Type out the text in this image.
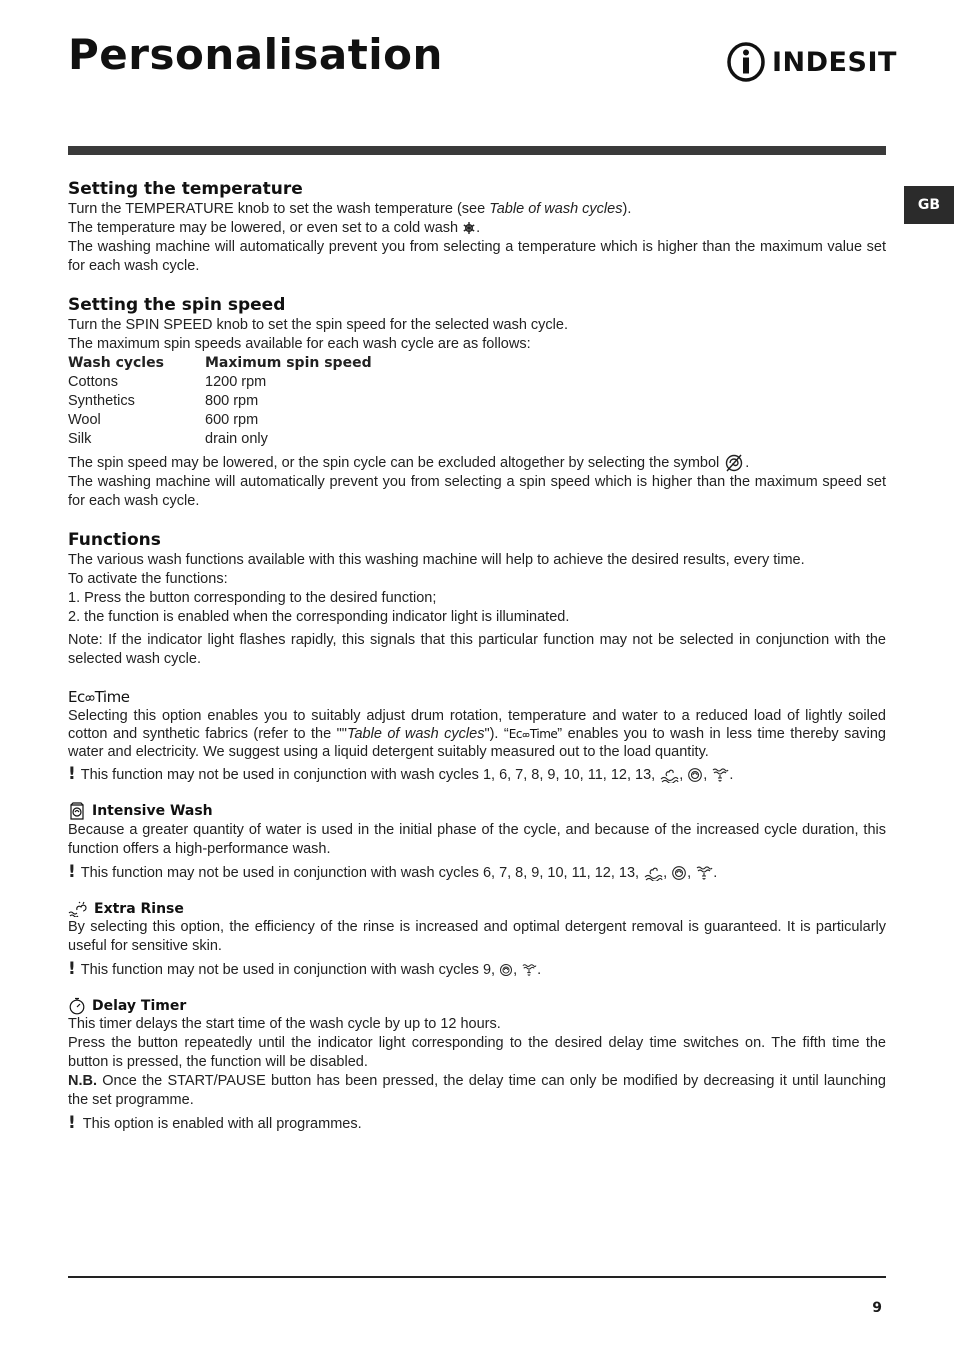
Personalisation	INDESIT
GB
Setting the temperature

Turn the TEMPERATURE knob to set the wash temperature (see Table of wash cycles).

The temperature may be lowered, or even set to a cold wash .

The washing machine will automatically prevent you from selecting a temperature which is higher than the maximum value set for each wash cycle.

Setting the spin speed

Turn the SPIN SPEED knob to set the spin speed for the selected wash cycle.

The maximum spin speeds available for each wash cycle are as follows:

Wash cycles	Maximum spin speed
Cottons	1200 rpm
Synthetics	800 rpm
Wool	600 rpm
Silk	drain only

The spin speed may be lowered, or the spin cycle can be excluded altogether by selecting the symbol .

The washing machine will automatically prevent you from selecting a spin speed which is higher than the maximum speed set for each wash cycle.

Functions

The various wash functions available with this washing machine will help to achieve the desired results, every time.

To activate the functions:

1. Press the button corresponding to the desired function;

2. the function is enabled when the corresponding indicator light is illuminated.

Note: If the indicator light flashes rapidly, this signals that this particular function may not be selected in conjunction with the selected wash cycle.

Ec Time

Selecting this option enables you to suitably adjust drum rotation, temperature and water to a reduced load of lightly soiled cotton and synthetic fabrics (refer to the ""Table of wash cycles"). “Ec Time” enables you to wash in less time thereby saving water and electricity. We suggest using a liquid detergent suitably measured out to the load quantity.

! This function may not be used in conjunction with wash cycles 1, 6, 7, 8, 9, 10, 11, 12, 13, , , .

Intensive Wash

Because a greater quantity of water is used in the initial phase of the cycle, and because of the increased cycle duration, this function offers a high-performance wash.

! This function may not be used in conjunction with wash cycles 6, 7, 8, 9, 10, 11, 12, 13, , , .

Extra Rinse

By selecting this option, the efficiency of the rinse is increased and optimal detergent removal is guaranteed. It is particularly useful for sensitive skin.

! This function may not be used in conjunction with wash cycles 9, , .

Delay Timer

This timer delays the start time of the wash cycle by up to 12 hours.

Press the button repeatedly until the indicator light corresponding to the desired delay time switches on. The fifth time the button is pressed, the function will be disabled.

N.B. Once the START/PAUSE button has been pressed, the delay time can only be modified by decreasing it until launching the set programme.

! This option is enabled with all programmes.

9
